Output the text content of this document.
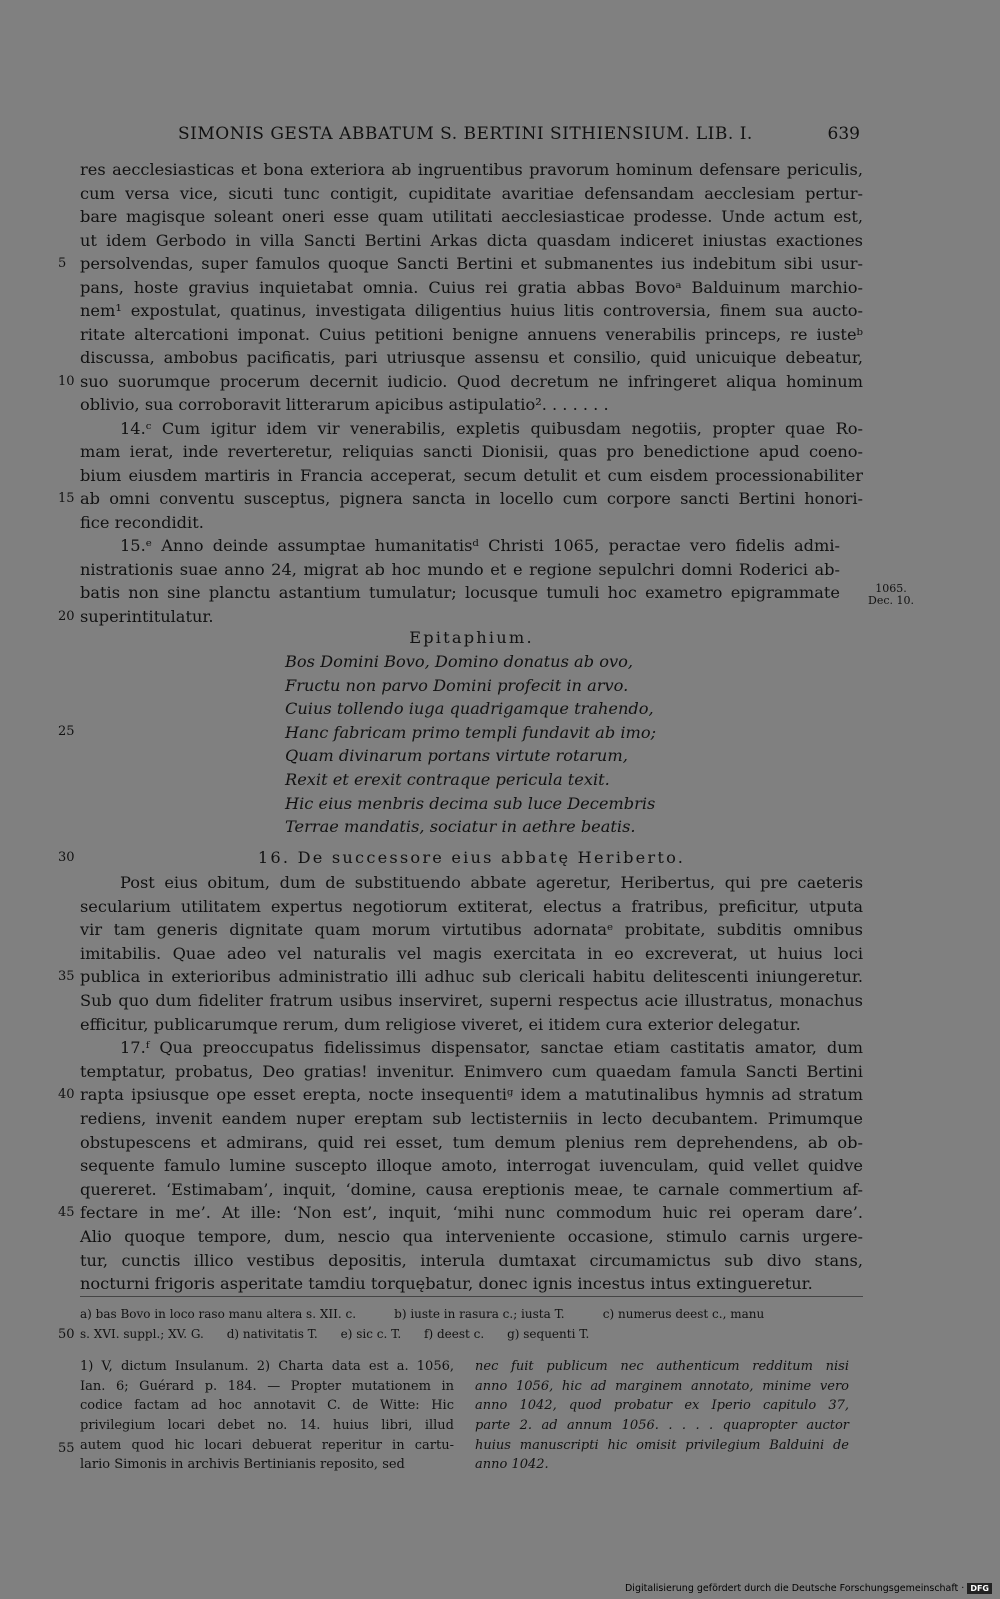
SIMONIS GESTA ABBATUM S. BERTINI SITHIENSIUM. LIB. I.	639
res aecclesiasticas et bona exteriora ab ingruentibus pravorum hominum defensare periculis,
cum versa vice, sicuti tunc contigit, cupiditate avaritiae defensandam aecclesiam pertur-
bare magisque soleant oneri esse quam utilitati aecclesiasticae prodesse. Unde actum est,
ut idem Gerbodo in villa Sancti Bertini Arkas dicta quasdam indiceret iniustas exactiones
persolvendas, super famulos quoque Sancti Bertini et submanentes ius indebitum sibi usur-
pans, hoste gravius inquietabat omnia. Cuius rei gratia abbas Bovoᵃ Balduinum marchio-
nem¹ expostulat, quatinus, investigata diligentius huius litis controversia, finem sua aucto-
ritate altercationi imponat. Cuius petitioni benigne annuens venerabilis princeps, re iusteᵇ
discussa, ambobus pacificatis, pari utriusque assensu et consilio, quid unicuique debeatur,
suo suorumque procerum decernit iudicio. Quod decretum ne infringeret aliqua hominum
oblivio, sua corroboravit litterarum apicibus astipulatio². . . . . . .
14.ᶜ Cum igitur idem vir venerabilis, expletis quibusdam negotiis, propter quae Ro-
mam ierat, inde reverteretur, reliquias sancti Dionisii, quas pro benedictione apud coeno-
bium eiusdem martiris in Francia acceperat, secum detulit et cum eisdem processionabiliter
ab omni conventu susceptus, pignera sancta in locello cum corpore sancti Bertini honori-
fice recondidit.
15.ᵉ Anno deinde assumptae humanitatisᵈ Christi 1065, peractae vero fidelis admi-
nistrationis suae anno 24, migrat ab hoc mundo et e regione sepulchri domni Roderici ab-
batis non sine planctu astantium tumulatur; locusque tumuli hoc exametro epigrammate
superintitulatur.
5
10
15
20
1065.
Dec. 10.
Epitaphium.
Bos Domini Bovo, Domino donatus ab ovo,
Fructu non parvo Domini profecit in arvo.
Cuius tollendo iuga quadrigamque trahendo,
Hanc fabricam primo templi fundavit ab imo;
Quam divinarum portans virtute rotarum,
Rexit et erexit contraque pericula texit.
Hic eius menbris decima sub luce Decembris
Terrae mandatis, sociatur in aethre beatis.
25
16. De successore eius abbatę Heriberto.
30
Post eius obitum, dum de substituendo abbate ageretur, Heribertus, qui pre caeteris
secularium utilitatem expertus negotiorum extiterat, electus a fratribus, preficitur, utputa
vir tam generis dignitate quam morum virtutibus adornataᵉ probitate, subditis omnibus
imitabilis. Quae adeo vel naturalis vel magis exercitata in eo excreverat, ut huius loci
publica in exterioribus administratio illi adhuc sub clericali habitu delitescenti iniungeretur.
Sub quo dum fideliter fratrum usibus inserviret, superni respectus acie illustratus, monachus
efficitur, publicarumque rerum, dum religiose viveret, ei itidem cura exterior delegatur.
17.ᶠ Qua preoccupatus fidelissimus dispensator, sanctae etiam castitatis amator, dum
temptatur, probatus, Deo gratias! invenitur. Enimvero cum quaedam famula Sancti Bertini
rapta ipsiusque ope esset erepta, nocte insequentiᵍ idem a matutinalibus hymnis ad stratum
rediens, invenit eandem nuper ereptam sub lectisterniis in lecto decubantem. Primumque
obstupescens et admirans, quid rei esset, tum demum plenius rem deprehendens, ab ob-
sequente famulo lumine suscepto illoque amoto, interrogat iuvenculam, quid vellet quidve
quereret. ‘Estimabam’, inquit, ‘domine, causa ereptionis meae, te carnale commertium af-
fectare in me’. At ille: ‘Non est’, inquit, ‘mihi nunc commodum huic rei operam dare’.
Alio quoque tempore, dum, nescio qua interveniente occasione, stimulo carnis urgere-
tur, cunctis illico vestibus depositis, interula dumtaxat circumamictus sub divo stans,
nocturni frigoris asperitate tamdiu torquębatur, donec ignis incestus intus extingueretur.
35
40
45
a) bas Bovo in loco raso manu altera s. XII. c.          b) iuste in rasura c.; iusta T.          c) numerus deest c., manu
s. XVI. suppl.; XV. G.      d) nativitatis T.      e) sic c. T.      f) deest c.      g) sequenti T.
50
1) V, dictum Insulanum. 2) Charta data est a. 1056,
Ian. 6; Guérard p. 184. — Propter mutationem in
codice factam ad hoc annotavit C. de Witte: Hic
privilegium locari debet no. 14. huius libri, illud
autem quod hic locari debuerat reperitur in cartu-
lario Simonis in archivis Bertinianis reposito, sed
nec fuit publicum nec authenticum redditum nisi
anno 1056, hic ad marginem annotato, minime vero
anno 1042, quod probatur ex Iperio capitulo 37,
parte 2. ad annum 1056. . . . . quapropter auctor
huius manuscripti hic omisit privilegium Balduini de
anno 1042.
55
Digitalisierung gefördert durch die Deutsche Forschungsgemeinschaft · DFG
